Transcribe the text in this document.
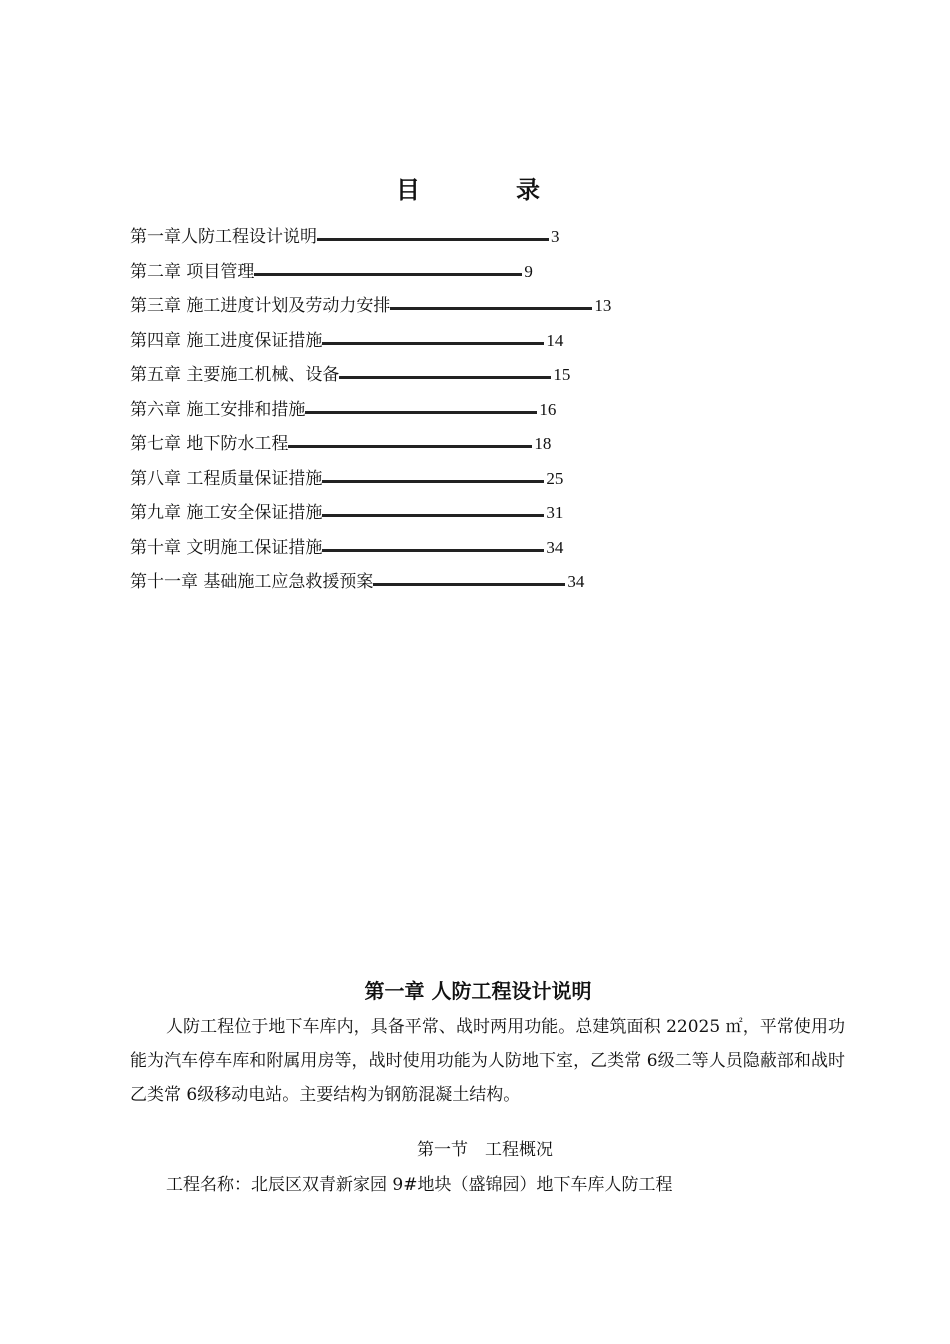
目　录
第一章人防工程设计说明	3
第二章 项目管理	9
第三章 施工进度计划及劳动力安排	13
第四章 施工进度保证措施	14
第五章 主要施工机械、设备	15
第六章 施工安排和措施	16
第七章 地下防水工程	18
第八章 工程质量保证措施	25
第九章 施工安全保证措施	31
第十章 文明施工保证措施	34
第十一章 基础施工应急救援预案	34
第一章 人防工程设计说明
人防工程位于地下车库内，具备平常、战时两用功能。总建筑面积 22025 ㎡，平常使用功能为汽车停车库和附属用房等，战时使用功能为人防地下室，乙类常 6级二等人员隐蔽部和战时乙类常 6级移动电站。主要结构为钢筋混凝土结构。
第一节　工程概况
工程名称：北辰区双青新家园 9#地块（盛锦园）地下车库人防工程
